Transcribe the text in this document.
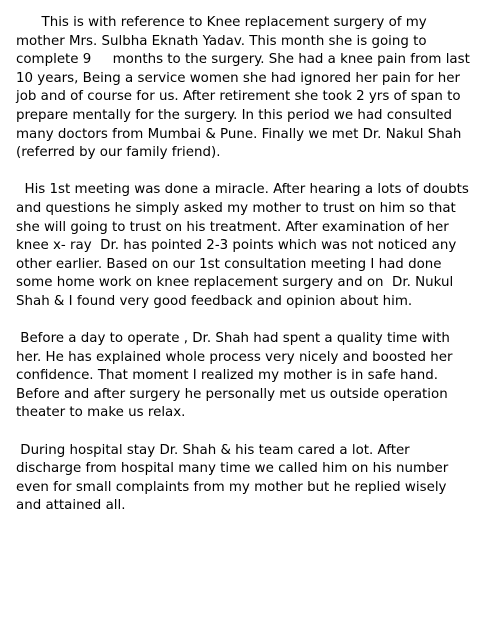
This is with reference to Knee replacement surgery of my
mother Mrs. Sulbha Eknath Yadav. This month she is going to
complete 9     months to the surgery. She had a knee pain from last
10 years, Being a service women she had ignored her pain for her
job and of course for us. After retirement she took 2 yrs of span to
prepare mentally for the surgery. In this period we had consulted
many doctors from Mumbai & Pune. Finally we met Dr. Nakul Shah
(referred by our family friend).
His 1st meeting was done a miracle. After hearing a lots of doubts
and questions he simply asked my mother to trust on him so that
she will going to trust on his treatment. After examination of her
knee x- ray  Dr. has pointed 2-3 points which was not noticed any
other earlier. Based on our 1st consultation meeting I had done
some home work on knee replacement surgery and on  Dr. Nukul
Shah & I found very good feedback and opinion about him.
Before a day to operate , Dr. Shah had spent a quality time with
her. He has explained whole process very nicely and boosted her
confidence. That moment I realized my mother is in safe hand.
Before and after surgery he personally met us outside operation
theater to make us relax.
During hospital stay Dr. Shah & his team cared a lot. After
discharge from hospital many time we called him on his number
even for small complaints from my mother but he replied wisely
and attained all.
